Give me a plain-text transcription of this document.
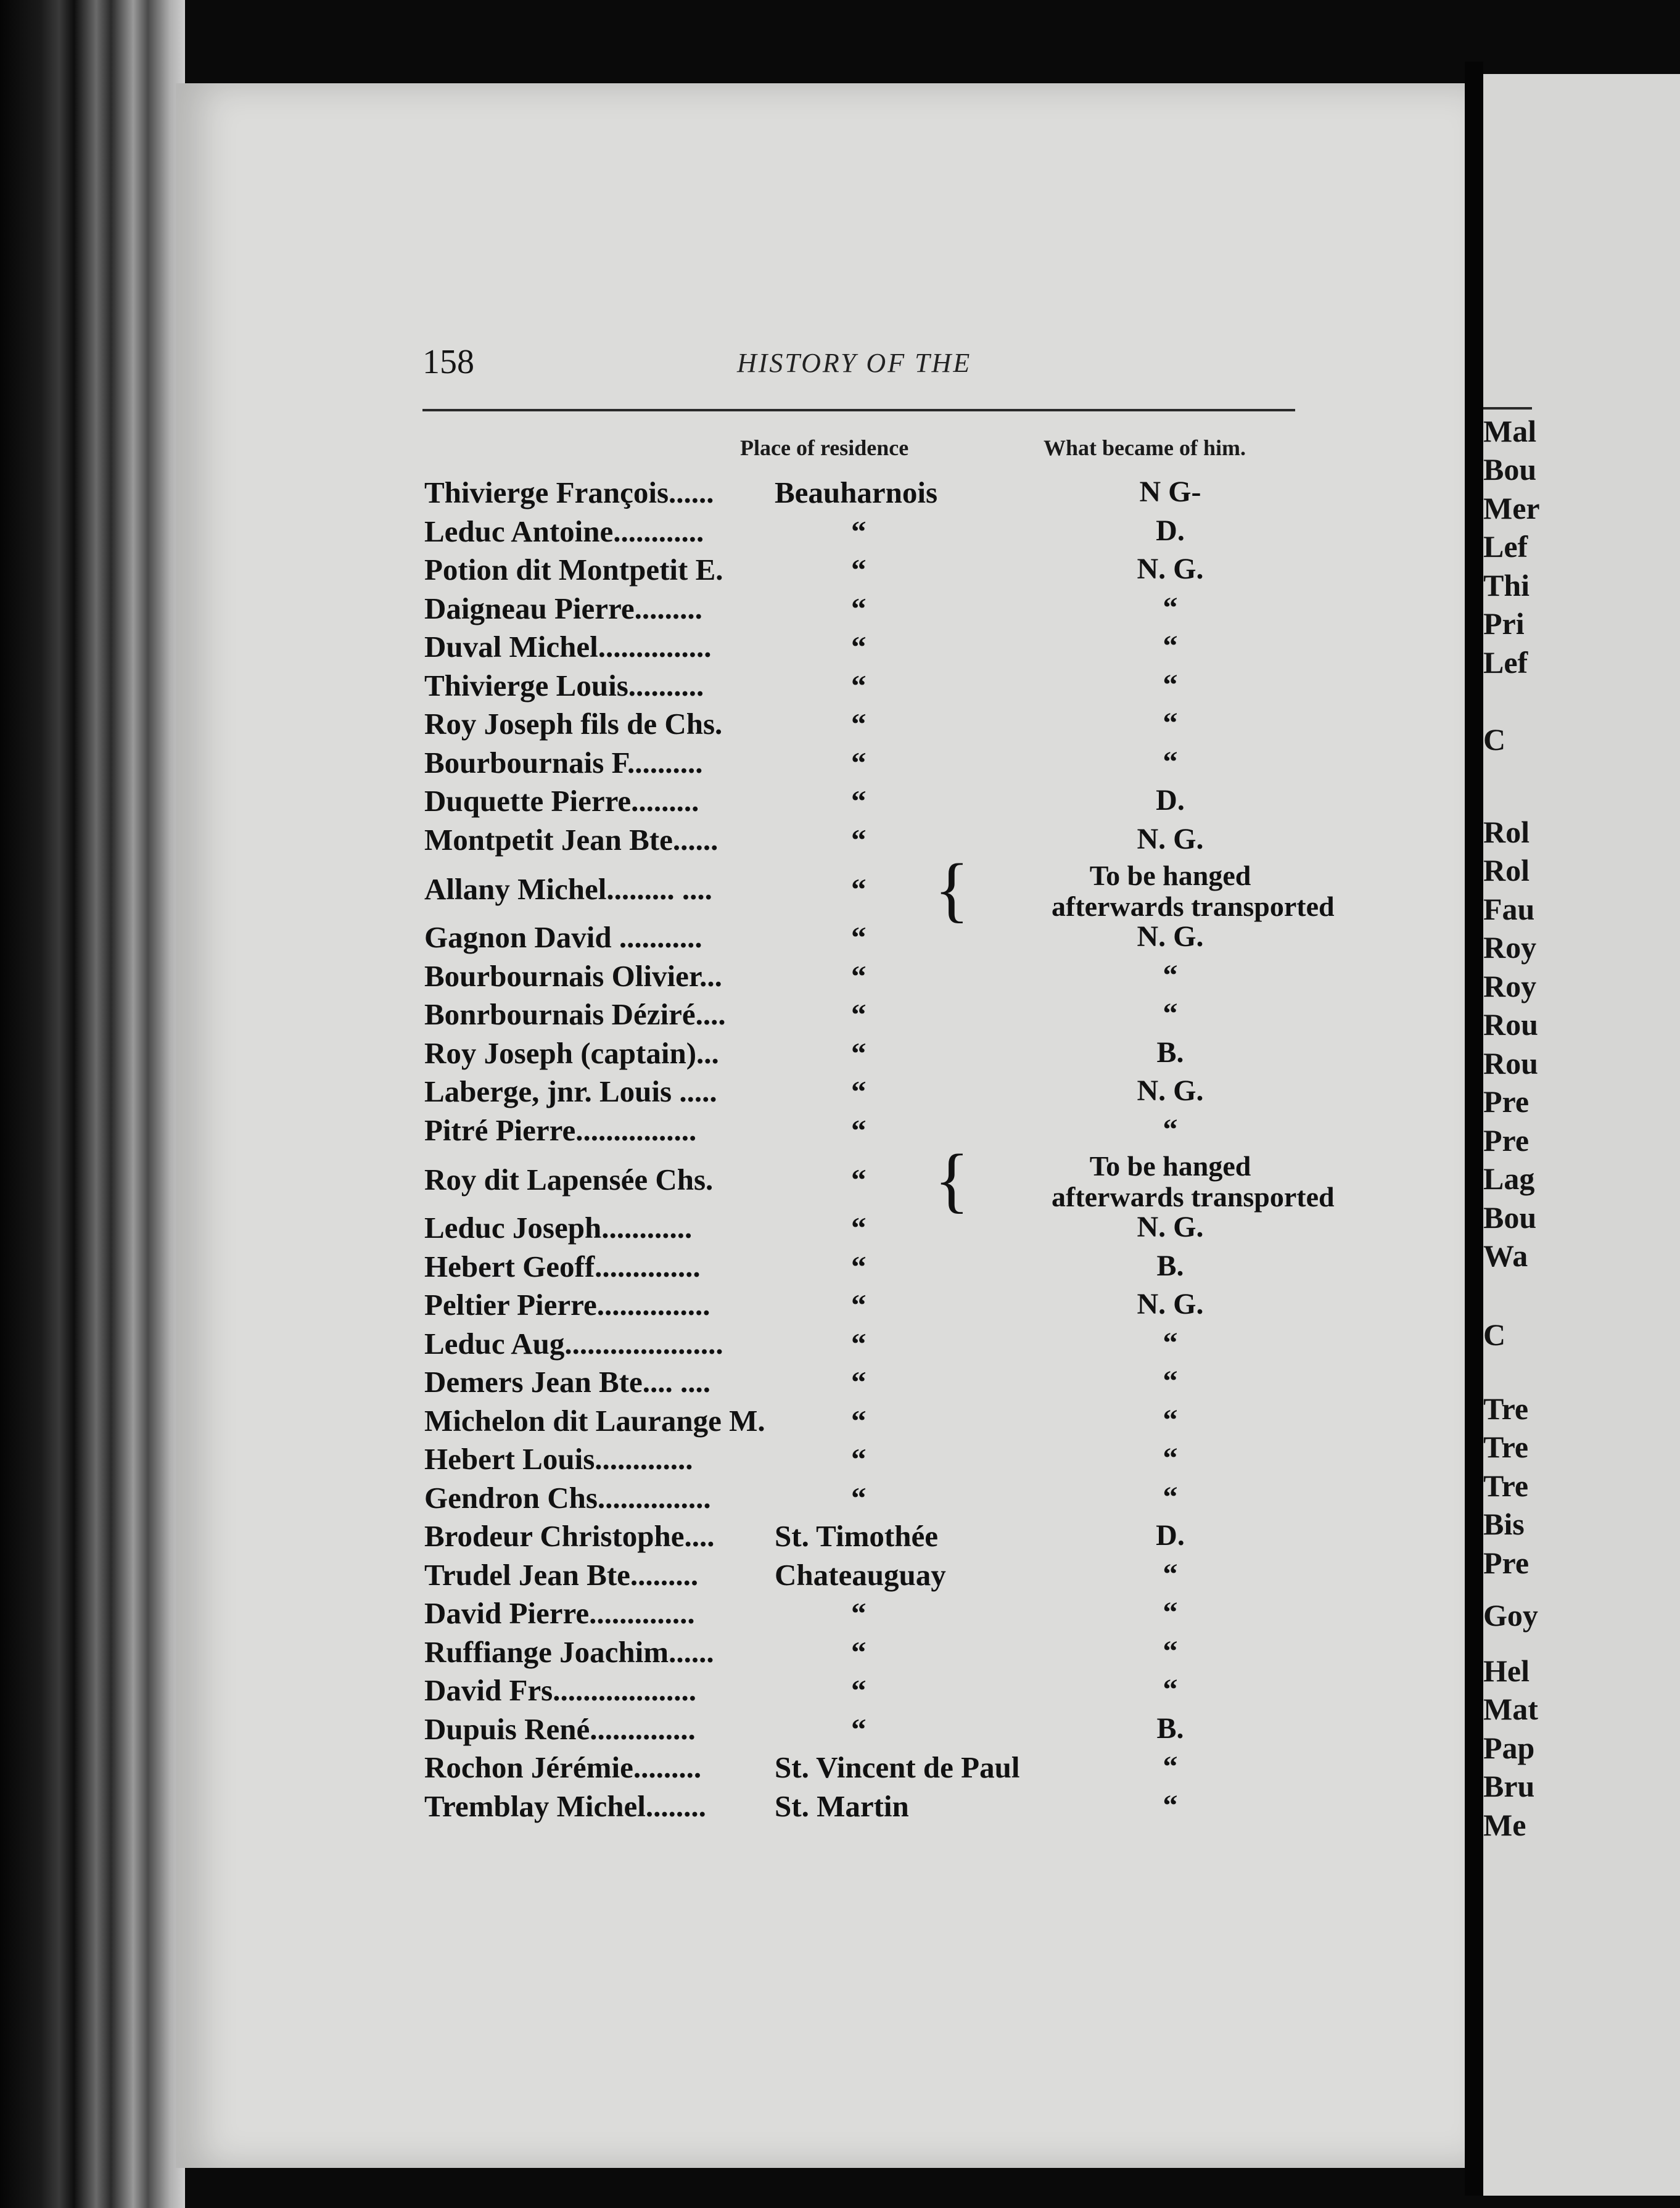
Mal
Bou
Mer
Lef
Thi
Pri
Lef
C
Rol
Rol
Fau
Roy
Roy
Rou
Rou
Pre
Pre
Lag
Bou
Wa
C
Tre
Tre
Tre
Bis
Pre
Goy
Hel
Mat
Pap
Bru
Me
158	HISTORY OF THE
Place of residence	What became of him.
Thivierge François...... Beauharnois	N G-
Leduc Antoine............	“	D.
Potion dit Montpetit E.	“	N. G.
Daigneau Pierre.........	“	“
Duval Michel...............	“	“
Thivierge Louis..........	“	“
Roy Joseph fils de Chs.	“	“
Bourbournais F..........	“	“
Duquette Pierre.........	“	D.
Montpetit Jean Bte......	“	N. G.
Allany Michel......... ....	“ {	To be hanged
afterwards transported
Gagnon David ...........	“	N. G.
Bourbournais Olivier...	“	“
Bonrbournais Déziré....	“	“
Roy Joseph (captain)...	“	B.
Laberge, jnr. Louis .....	“	N. G.
Pitré Pierre................	“	“
Roy dit Lapensée Chs.	“ {	To be hanged
afterwards transported
Leduc Joseph............	“	N. G.
Hebert Geoff..............	“	B.
Peltier Pierre...............	“	N. G.
Leduc Aug.....................	“	“
Demers Jean Bte.... ....	“	“
Michelon dit Laurange M.	“	“
Hebert Louis.............	“	“
Gendron Chs...............	“	“
Brodeur Christophe.... St. Timothée	D.
Trudel Jean Bte.........	Chateauguay	“
David Pierre..............	“	“
Ruffiange Joachim......	“	“
David Frs...................	“	“
Dupuis René..............	“	B.
Rochon Jérémie......... St. Vincent de Paul	“
Tremblay Michel........ St. Martin	“
